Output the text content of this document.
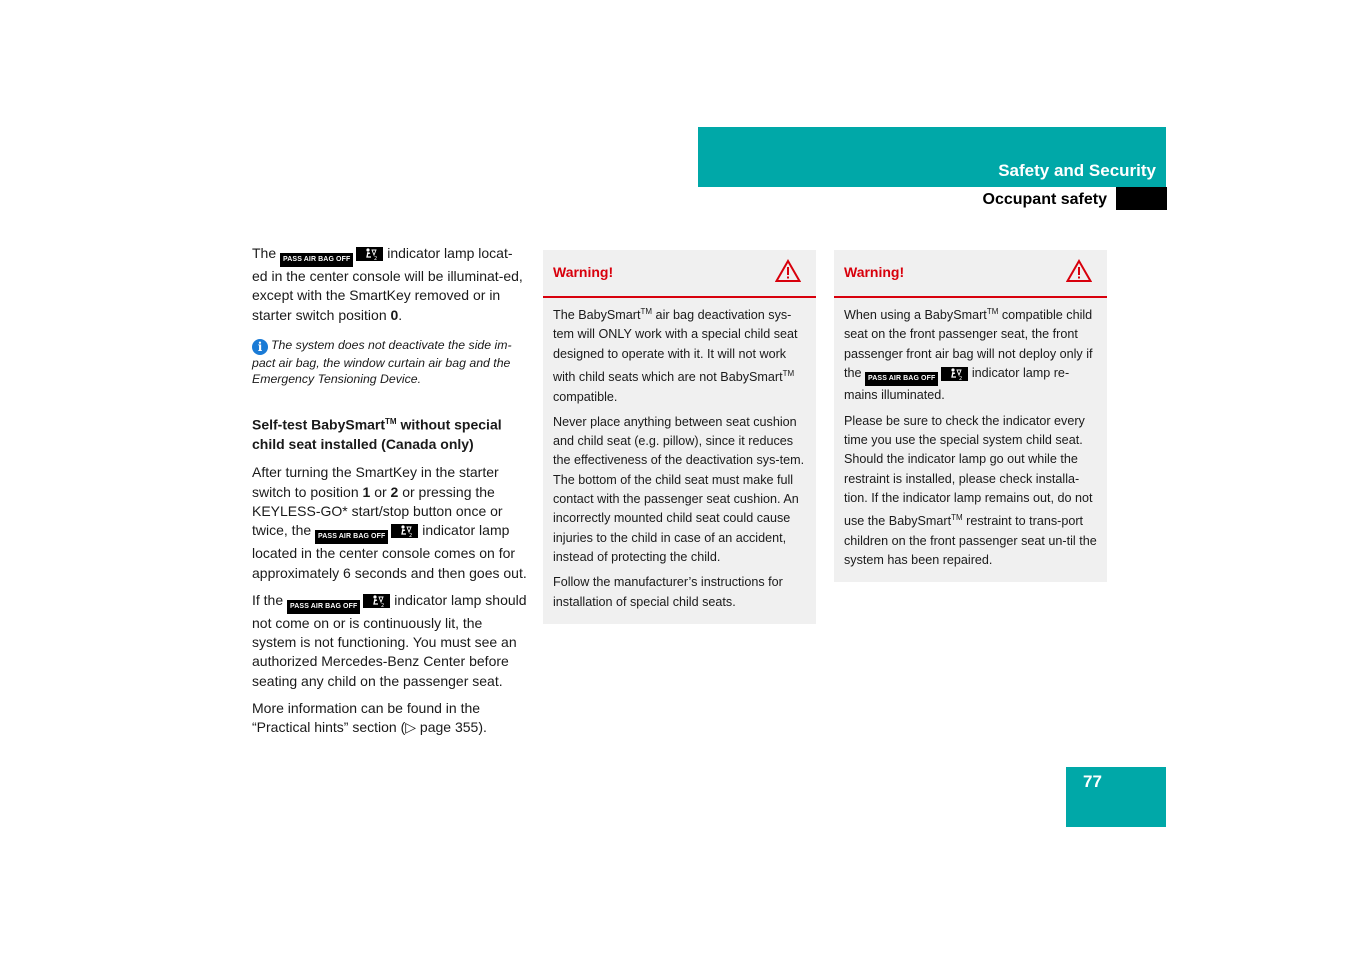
Safety and Security
Occupant safety

The PASS AIR BAG OFF	2 indicator lamp locat-ed in the center console will be illuminat-ed, except with the SmartKey removed or in starter switch position 0.

i The system does not deactivate the side im-pact air bag, the window curtain air bag and the Emergency Tensioning Device.

Self-test BabySmart™ without special child seat installed (Canada only)

After turning the SmartKey in the starter switch to position 1 or 2 or pressing the KEYLESS-GO* start/stop button once or twice, the PASS AIR BAG OFF	2 indicator lamp located in the center console comes on for approximately 6 seconds and then goes out.

If the PASS AIR BAG OFF	2 indicator lamp should not come on or is continuously lit, the system is not functioning. You must see an authorized Mercedes-Benz Center before seating any child on the passenger seat.

More information can be found in the “Practical hints” section (▷ page 355).

Warning!

The BabySmart™ air bag deactivation sys-tem will ONLY work with a special child seat designed to operate with it. It will not work with child seats which are not BabySmart™ compatible.

Never place anything between seat cushion and child seat (e.g. pillow), since it reduces the effectiveness of the deactivation sys-tem. The bottom of the child seat must make full contact with the passenger seat cushion. An incorrectly mounted child seat could cause injuries to the child in case of an accident, instead of protecting the child.

Follow the manufacturer’s instructions for installation of special child seats.

Warning!

When using a BabySmart™ compatible child seat on the front passenger seat, the front passenger front air bag will not deploy only if the PASS AIR BAG OFF	2 indicator lamp re-mains illuminated.

Please be sure to check the indicator every time you use the special system child seat. Should the indicator lamp go out while the restraint is installed, please check installa-tion. If the indicator lamp remains out, do not use the BabySmart™ restraint to trans-port children on the front passenger seat un-til the system has been repaired.

77
